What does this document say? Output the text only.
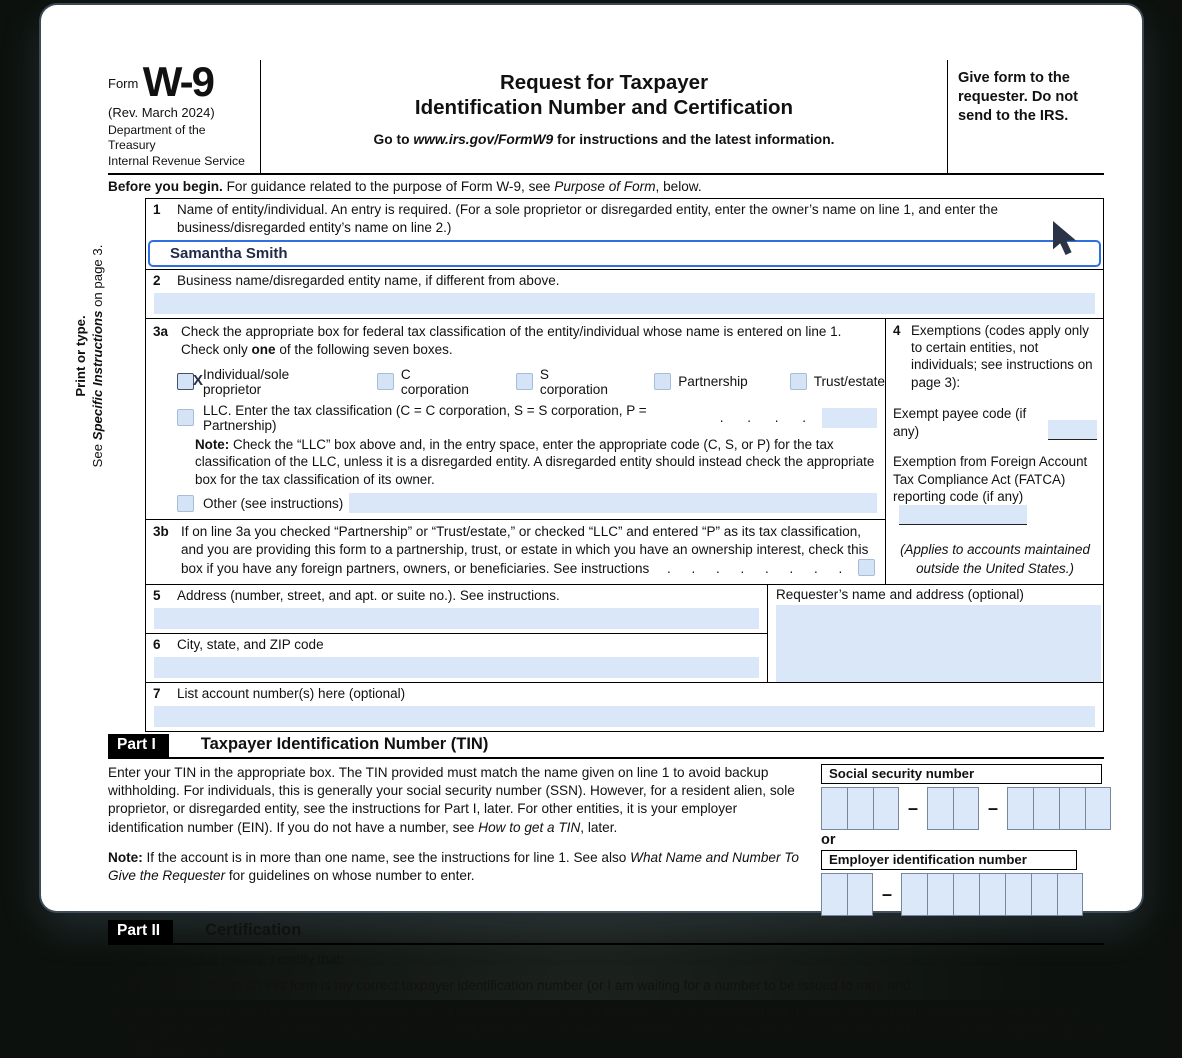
$^{Form}$ W-9
(Rev. March 2024)
Department of the Treasury
Internal Revenue Service
Request for Taxpayer
Identification Number and Certification
Go to www.irs.gov/FormW9 for instructions and the latest information.
Give form to the requester. Do not send to the IRS.
Before you begin. For guidance related to the purpose of Form W-9, see Purpose of Form, below.
Print or type.
See Specific Instructions on page 3.
1	Name of entity/individual. An entry is required. (For a sole proprietor or disregarded entity, enter the owner’s name on line 1, and enter the business/disregarded entity’s name on line 2.)
Samantha Smith
2	Business name/disregarded entity name, if different from above.
3a Check the appropriate box for federal tax classification of the entity/individual whose name is entered on line 1. Check only one of the following seven boxes.
X Individual/sole proprietor
C corporation
S corporation	Partnership	Trust/estate
LLC. Enter the tax classification (C = C corporation, S = S corporation, P = Partnership)	. . . .
Note: Check the “LLC” box above and, in the entry space, enter the appropriate code (C, S, or P) for the tax classification of the LLC, unless it is a disregarded entity. A disregarded entity should instead check the appropriate box for the tax classification of its owner.
Other (see instructions)
3b If on line 3a you checked “Partnership” or “Trust/estate,” or checked “LLC” and entered “P” as its tax classification, and you are providing this form to a partnership, trust, or estate in which you have an ownership interest, check this box if you have any foreign partners, owners, or beneficiaries. See instructions . . . . . . . .
4 Exemptions (codes apply only to certain entities, not individuals; see instructions on page 3):
Exempt payee code (if any)
Exemption from Foreign Account Tax Compliance Act (FATCA) reporting code (if any)
(Applies to accounts maintained outside the United States.)
5	Address (number, street, and apt. or suite no.). See instructions.
6	City, state, and ZIP code
Requester’s name and address (optional)
7	List account number(s) here (optional)
Part I	Taxpayer Identification Number (TIN)

Enter your TIN in the appropriate box. The TIN provided must match the name given on line 1 to avoid backup withholding. For individuals, this is generally your social security number (SSN). However, for a resident alien, sole proprietor, or disregarded entity, see the instructions for Part I, later. For other entities, it is your employer identification number (EIN). If you do not have a number, see How to get a TIN, later.

Note: If the account is in more than one name, see the instructions for line 1. See also What Name and Number To Give the Requester for guidelines on whose number to enter.

Social security number
–	–
or
Employer identification number
–
Part II	Certification
Under penalties of perjury, I certify that:
1. The number shown on this form is my correct taxpayer identification number (or I am waiting for a number to be issued to me); and
2. I am not subject to backup withholding because (a) I am exempt from backup withholding, or (b) I have not been notified by the Internal Revenue Service (IRS) that I am subject to backup withholding as a result of a failure to report all interest or dividends, or (c) the IRS has notified me that I am no longer subject to backup withholding; and
